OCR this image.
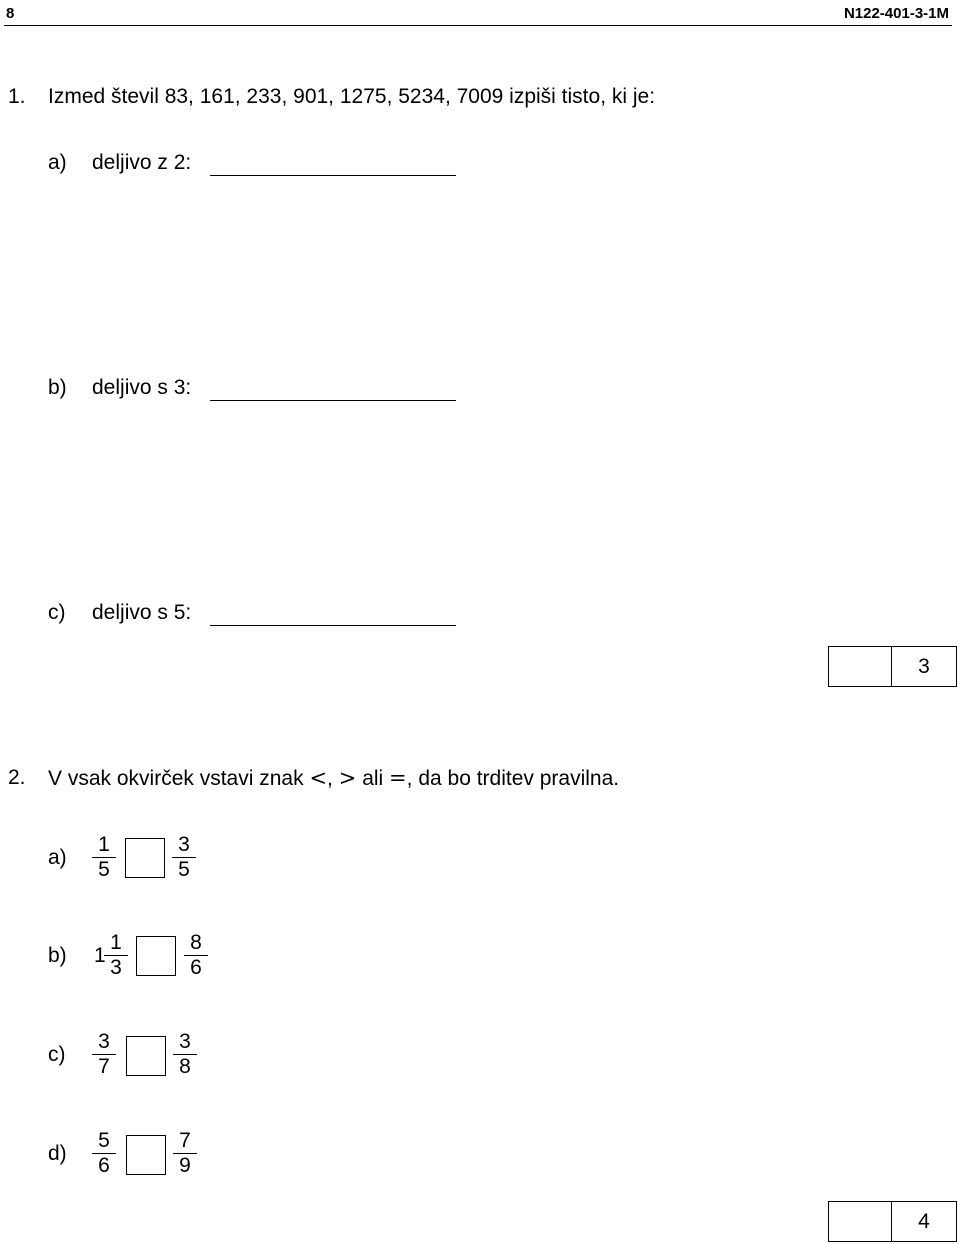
8	N122-401-3-1M
1. Izmed števil 83, 161, 233, 901, 1275, 5234, 7009 izpiši tisto, ki je:
a) deljivo z 2:
b) deljivo s 3:
c) deljivo s 5:
3
2. V vsak okvirček vstavi znak <, > ali =, da bo trditev pravilna.
a)
1
5
3
5
b) 1
1
3
8
6
c)
3
7
3
8
d)
5
6
7
9
4
